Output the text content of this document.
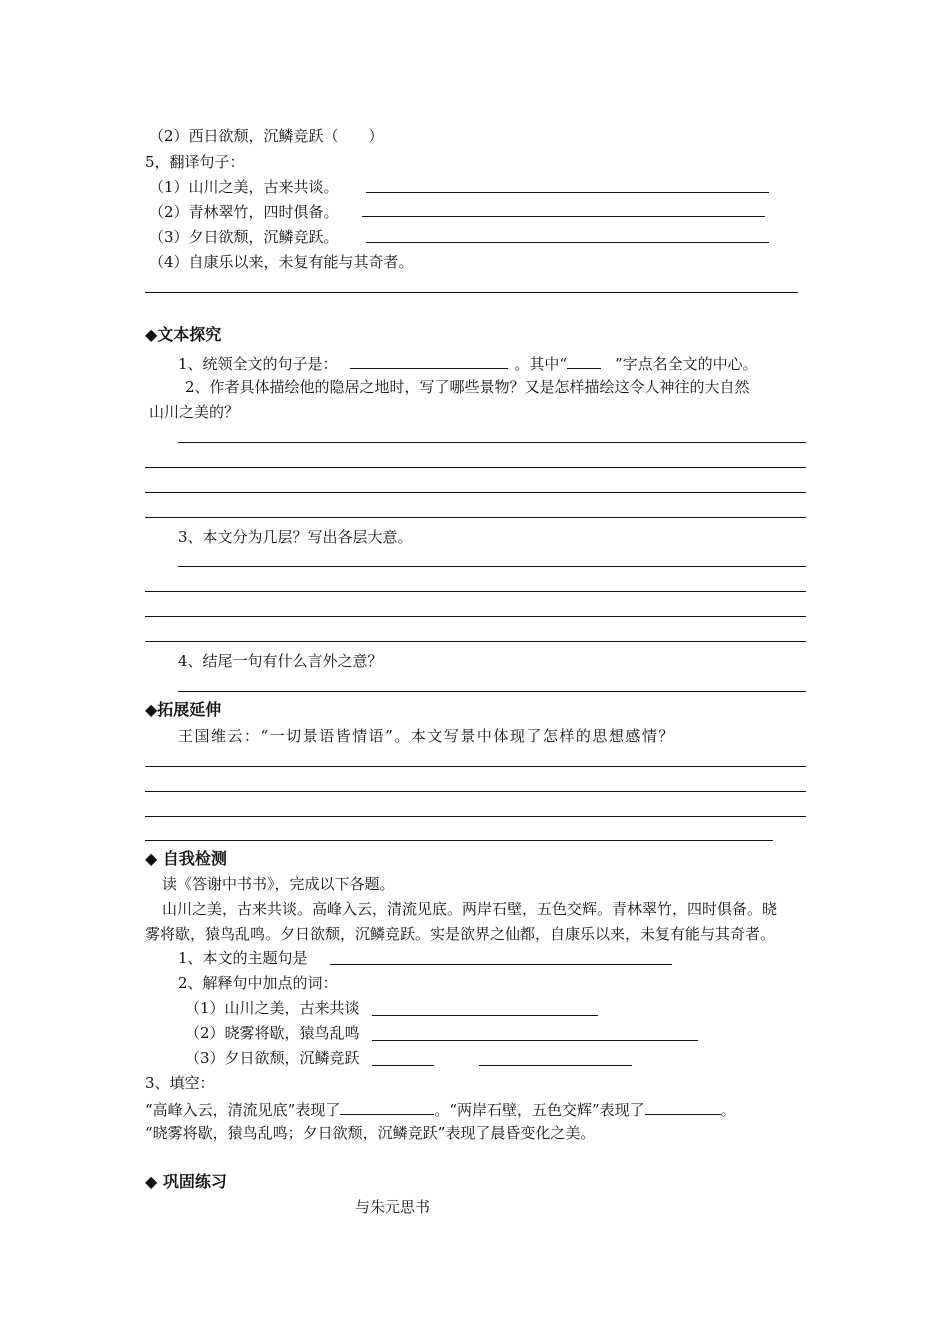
（2）西日欲颓，沉鳞竞跃（　　）
5，翻译句子：
（1）山川之美，古来共谈。
（2）青林翠竹，四时俱备。
（3）夕日欲颓，沉鳞竞跃。
（4）自康乐以来，未复有能与其奇者。
◆文本探究
1、统领全文的句子是：	。其中“	”字点名全文的中心。
2、作者具体描绘他的隐居之地时，写了哪些景物？又是怎样描绘这令人神往的大自然
山川之美的？
3、本文分为几层？写出各层大意。
4、结尾一句有什么言外之意？
◆拓展延伸
王国维云：“一切景语皆情语”。本文写景中体现了怎样的思想感情？
◆ 自我检测
读《答谢中书书》，完成以下各题。
山川之美，古来共谈。高峰入云，清流见底。两岸石壁，五色交辉。青林翠竹，四时俱备。晓
雾将歇，猿鸟乱鸣。夕日欲颓，沉鳞竞跃。实是欲界之仙都，自康乐以来，未复有能与其奇者。
1、本文的主题句是
2、解释句中加点的词：
（1）山川之美，古来共谈
（2）晓雾将歇，猿鸟乱鸣
（3）夕日欲颓，沉鳞竞跃
3、填空：
“高峰入云，清流见底”表现了	。“两岸石壁，五色交辉”表现了	。
“晓雾将歇，猿鸟乱鸣；夕日欲颓，沉鳞竞跃”表现了晨昏变化之美。
◆ 巩固练习
与朱元思书
